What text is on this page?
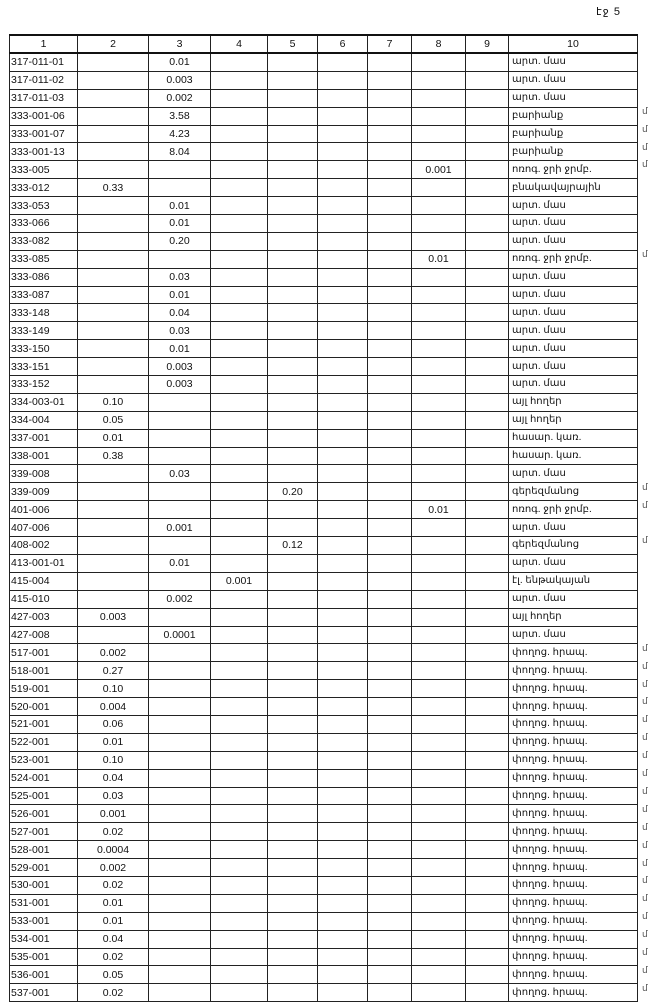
էջ 5
1	2	3	4	5	6	7	8	9	10
317-011-01		0.01							արտ. մաս
317-011-02		0.003							արտ. մաս
317-011-03		0.002							արտ. մաս
333-001-06		3.58							բարիանք
333-001-07		4.23							բարիանք
333-001-13		8.04							բարիանք
333-005							0.001		ոռոգ. ջրի ջրմբ.
333-012	0.33								բնակավայրային
333-053		0.01							արտ. մաս
333-066		0.01							արտ. մաս
333-082		0.20							արտ. մաս
333-085							0.01		ոռոգ. ջրի ջրմբ.
333-086		0.03							արտ. մաս
333-087		0.01							արտ. մաս
333-148		0.04							արտ. մաս
333-149		0.03							արտ. մաս
333-150		0.01							արտ. մաս
333-151		0.003							արտ. մաս
333-152		0.003							արտ. մաս
334-003-01	0.10								այլ հողեր
334-004	0.05								այլ հողեր
337-001	0.01								հասար. կառ.
338-001	0.38								հասար. կառ.
339-008		0.03							արտ. մաս
339-009				0.20					գերեզմանոց
401-006							0.01		ոռոգ. ջրի ջրմբ.
407-006		0.001							արտ. մաս
408-002				0.12					գերեզմանոց
413-001-01		0.01							արտ. մաս
415-004			0.001						էլ. ենթակայան
415-010		0.002							արտ. մաս
427-003	0.003								այլ հողեր
427-008		0.0001							արտ. մաս
517-001	0.002								փողոց. հրապ.
518-001	0.27								փողոց. հրապ.
519-001	0.10								փողոց. հրապ.
520-001	0.004								փողոց. հրապ.
521-001	0.06								փողոց. հրապ.
522-001	0.01								փողոց. հրապ.
523-001	0.10								փողոց. հրապ.
524-001	0.04								փողոց. հրապ.
525-001	0.03								փողոց. հրապ.
526-001	0.001								փողոց. հրապ.
527-001	0.02								փողոց. հրապ.
528-001	0.0004								փողոց. հրապ.
529-001	0.002								փողոց. հրապ.
530-001	0.02								փողոց. հրապ.
531-001	0.01								փողոց. հրապ.
533-001	0.01								փողոց. հրապ.
534-001	0.04								փողոց. հրապ.
535-001	0.02								փողոց. հրապ.
536-001	0.05								փողոց. հրապ.
537-001	0.02								փողոց. հրապ.
մ
մ
մ
մ
մ
մ
մ
մ
մ
մ
մ
մ
մ
մ
մ
մ
մ
մ
մ
մ
մ
մ
մ
մ
մ
մ
մ
մ
